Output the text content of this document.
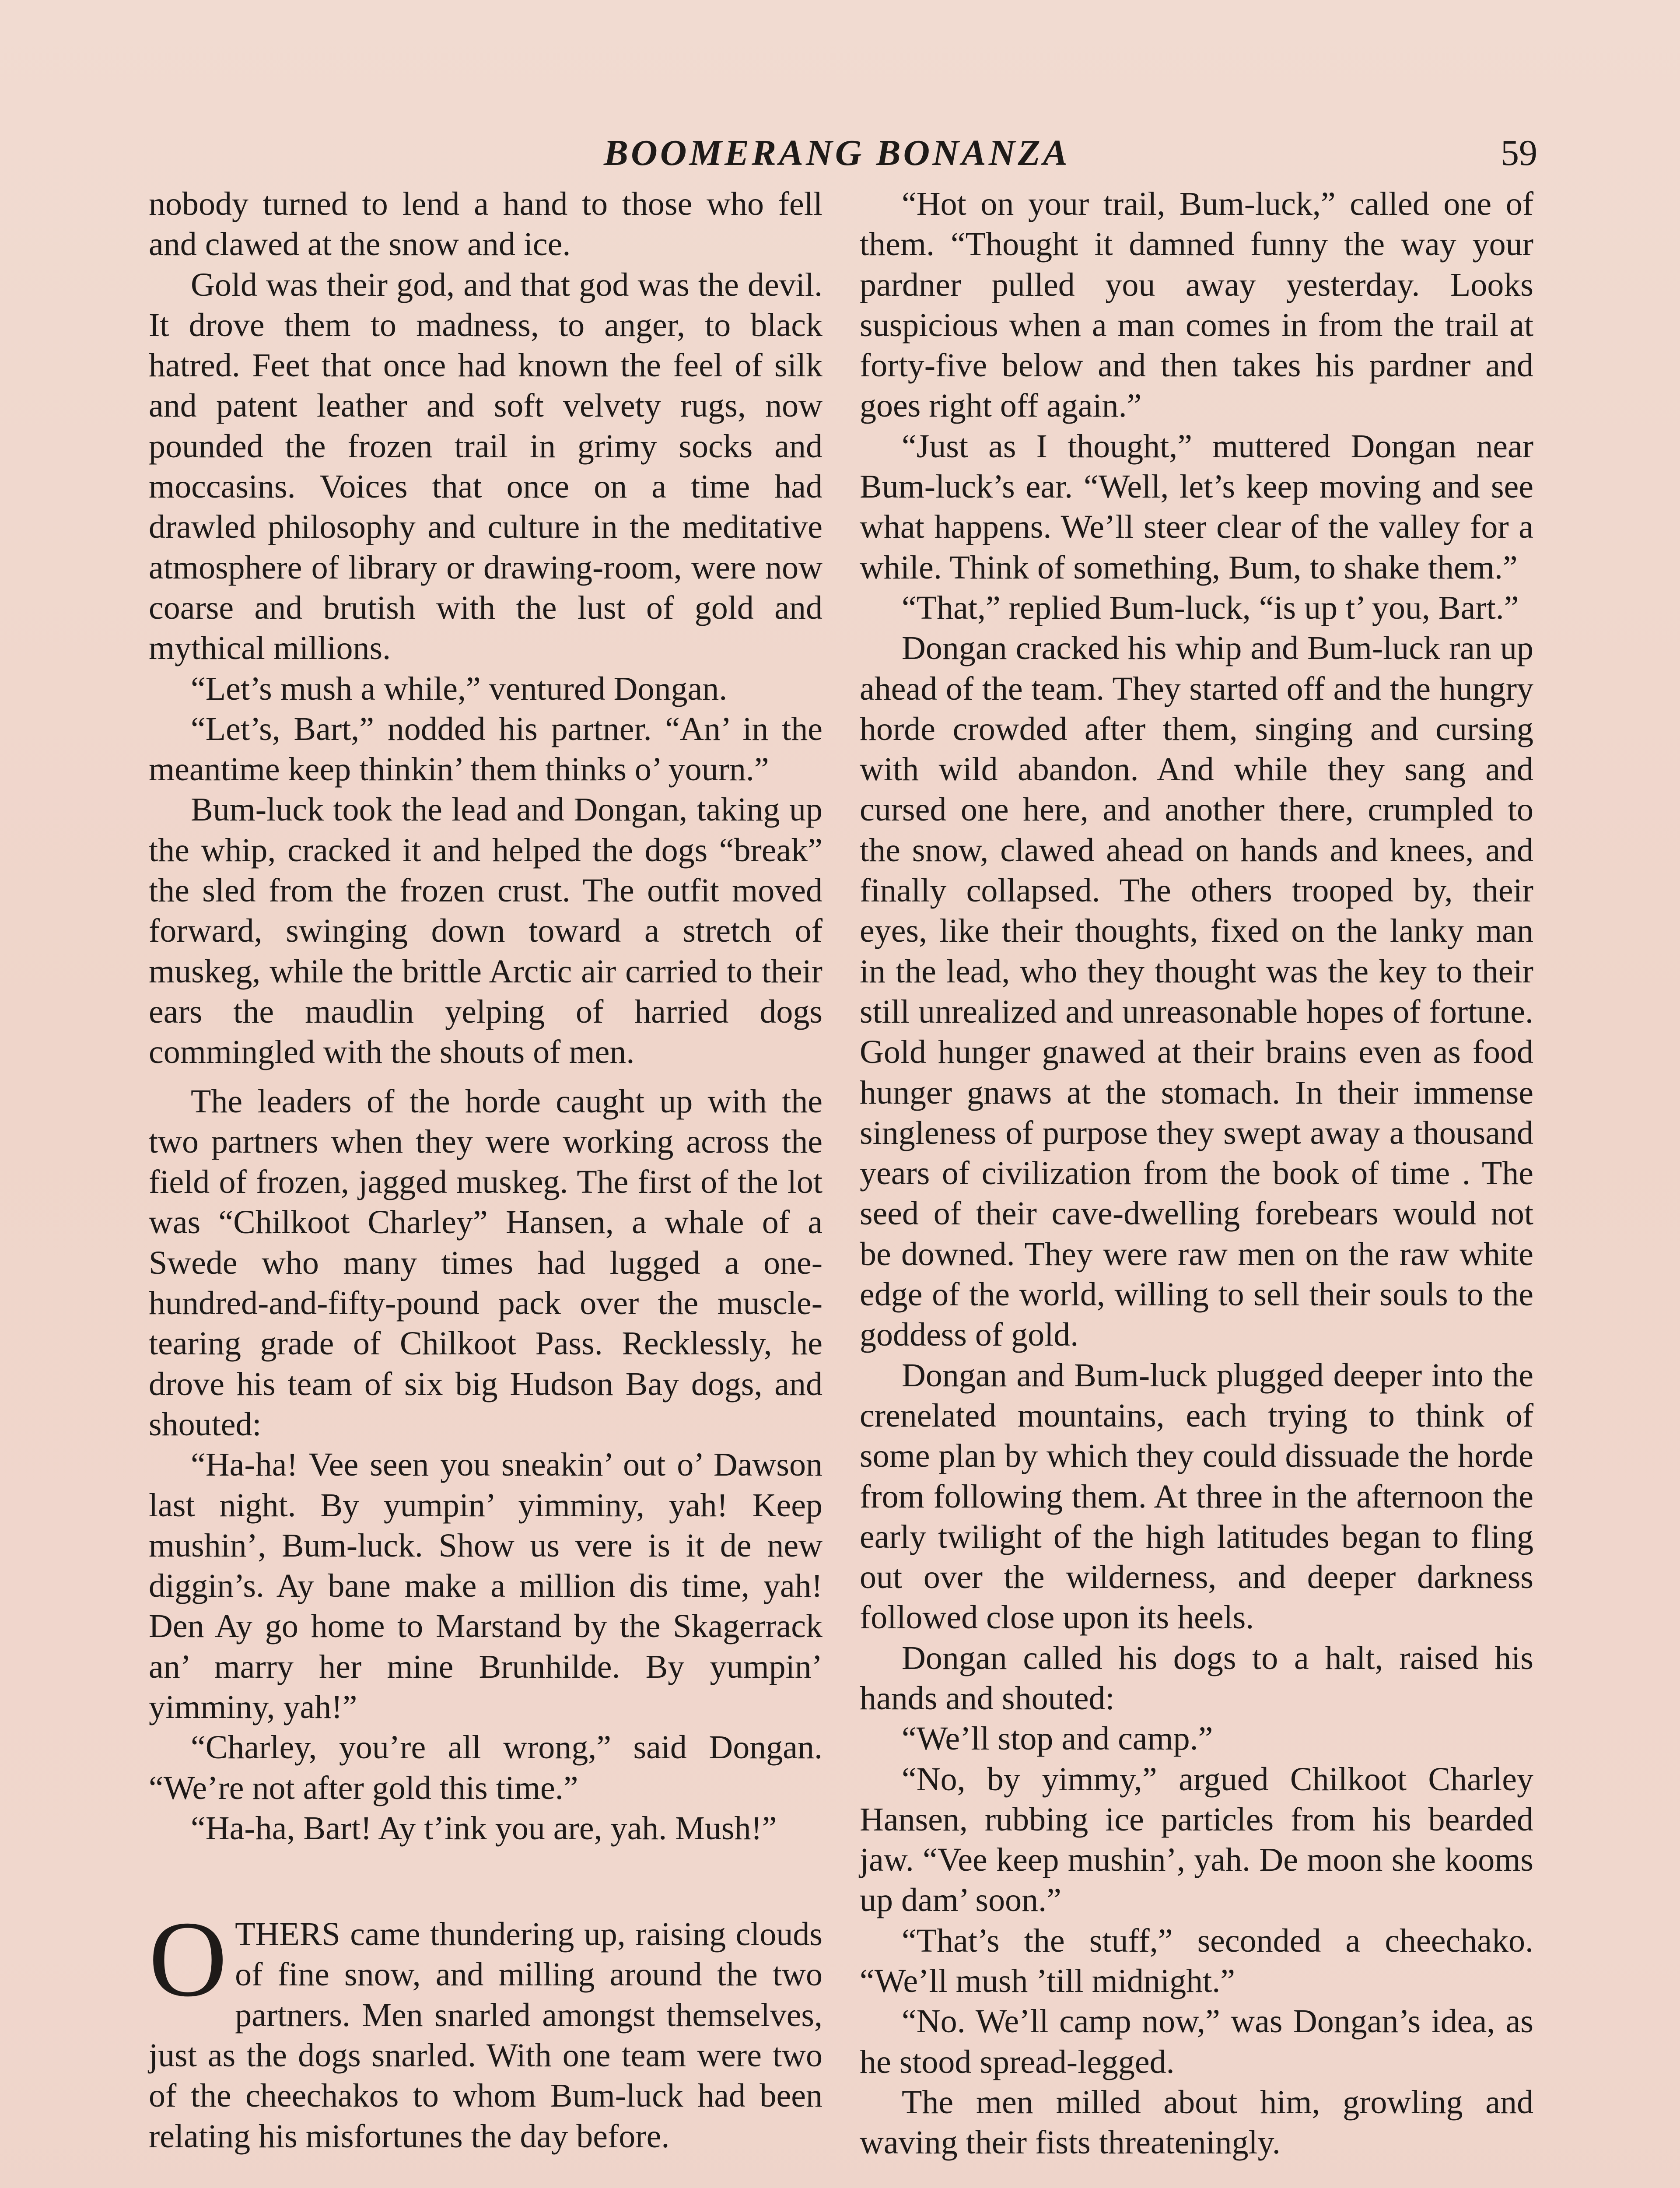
BOOMERANG BONANZA	59

nobody turned to lend a hand to those who fell and clawed at the snow and ice.

Gold was their god, and that god was the devil. It drove them to madness, to anger, to black hatred. Feet that once had known the feel of silk and patent leather and soft velvety rugs, now pounded the frozen trail in grimy socks and moccasins. Voices that once on a time had drawled philosophy and culture in the meditative atmosphere of library or drawing-room, were now coarse and brutish with the lust of gold and mythical millions.

“Let’s mush a while,” ventured Dongan.

“Let’s, Bart,” nodded his partner. “An’ in the meantime keep thinkin’ them thinks o’ yourn.”

Bum-luck took the lead and Dongan, taking up the whip, cracked it and helped the dogs “break” the sled from the frozen crust. The outfit moved forward, swinging down toward a stretch of muskeg, while the brittle Arctic air carried to their ears the maudlin yelping of harried dogs commingled with the shouts of men.

The leaders of the horde caught up with the two partners when they were working across the field of frozen, jagged muskeg. The first of the lot was “Chilkoot Charley” Hansen, a whale of a Swede who many times had lugged a one-hundred-and-fifty-pound pack over the muscle-tearing grade of Chilkoot Pass. Recklessly, he drove his team of six big Hudson Bay dogs, and shouted:

“Ha-ha! Vee seen you sneakin’ out o’ Dawson last night. By yumpin’ yimminy, yah! Keep mushin’, Bum-luck. Show us vere is it de new diggin’s. Ay bane make a million dis time, yah! Den Ay go home to Marstand by the Skagerrack an’ marry her mine Brunhilde. By yumpin’ yimminy, yah!”

“Charley, you’re all wrong,” said Dongan. “We’re not after gold this time.”

“Ha-ha, Bart! Ay t’ink you are, yah. Mush!”

OTHERS came thundering up, raising clouds of fine snow, and milling around the two partners. Men snarled amongst themselves, just as the dogs snarled. With one team were two of the cheechakos to whom Bum-luck had been relating his misfortunes the day before.

“Hot on your trail, Bum-luck,” called one of them. “Thought it damned funny the way your pardner pulled you away yesterday. Looks suspicious when a man comes in from the trail at forty-five below and then takes his pardner and goes right off again.”

“Just as I thought,” muttered Dongan near Bum-luck’s ear. “Well, let’s keep moving and see what happens. We’ll steer clear of the valley for a while. Think of something, Bum, to shake them.”

“That,” replied Bum-luck, “is up t’ you, Bart.”

Dongan cracked his whip and Bum-luck ran up ahead of the team. They started off and the hungry horde crowded after them, singing and cursing with wild abandon. And while they sang and cursed one here, and another there, crumpled to the snow, clawed ahead on hands and knees, and finally collapsed. The others trooped by, their eyes, like their thoughts, fixed on the lanky man in the lead, who they thought was the key to their still unrealized and unreasonable hopes of fortune. Gold hunger gnawed at their brains even as food hunger gnaws at the stomach. In their immense singleness of purpose they swept away a thousand years of civilization from the book of time . The seed of their cave-dwelling forebears would not be downed. They were raw men on the raw white edge of the world, willing to sell their souls to the goddess of gold.

Dongan and Bum-luck plugged deeper into the crenelated mountains, each trying to think of some plan by which they could dissuade the horde from following them. At three in the afternoon the early twilight of the high latitudes began to fling out over the wilderness, and deeper darkness followed close upon its heels.

Dongan called his dogs to a halt, raised his hands and shouted:

“We’ll stop and camp.”

“No, by yimmy,” argued Chilkoot Charley Hansen, rubbing ice particles from his bearded jaw. “Vee keep mushin’, yah. De moon she kooms up dam’ soon.”

“That’s the stuff,” seconded a cheechako. “We’ll mush ’till midnight.”

“No. We’ll camp now,” was Dongan’s idea, as he stood spread-legged.

The men milled about him, growling and waving their fists threateningly.
